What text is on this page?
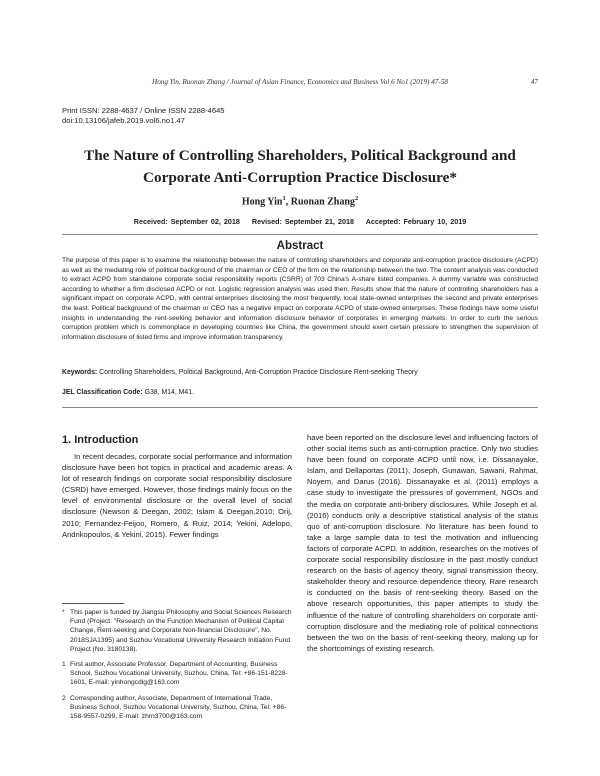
Hong Yin, Ruonan Zhang / Journal of Asian Finance, Economics and Business Vol 6 No1 (2019) 47-58	47
Print ISSN: 2288-4637 / Online ISSN 2288-4645
doi:10.13106/jafeb.2019.vol6.no1.47
The Nature of Controlling Shareholders, Political Background and
Corporate Anti-Corruption Practice Disclosure*
Hong Yin$^1$, Ruonan Zhang$^2$
Received: September 02, 2018 Revised: September 21, 2018 Accepted: February 10, 2019
Abstract
The purpose of this paper is to examine the relationship between the nature of controlling shareholders and corporate anti-corruption practice disclosure (ACPD) as well as the mediating role of political background of the chairman or CEO of the firm on the relationship between the two. The content analysis was conducted to extract ACPD from standalone corporate social responsibility reports (CSRR) of 703 China's A-share listed companies. A dummy variable was constructed according to whether a firm disclosed ACPD or not. Logistic regression analysis was used then. Results show that the nature of controlling shareholders has a significant impact on corporate ACPD, with central enterprises disclosing the most frequently, local state-owned enterprises the second and private enterprises the least. Political background of the chairman or CEO has a negative impact on corporate ACPD of state-owned enterprises. These findings have some useful insights in understanding the rent-seeking behavior and information disclosure behavior of corporates in emerging markets. In order to curb the serious corruption problem which is commonplace in developing countries like China, the government should exert certain pressure to strengthen the supervision of information disclosure of listed firms and improve information transparency.
Keywords: Controlling Shareholders, Political Background, Anti-Corruption Practice Disclosure Rent-seeking Theory
JEL Classification Code: G38, M14, M41.
1. Introduction
In recent decades, corporate social performance and information disclosure have been hot topics in practical and academic areas. A lot of research findings on corporate social responsibility disclosure (CSRD) have emerged. However, those findings mainly focus on the level of environmental disclosure or the overall level of social disclosure (Newson & Deegan, 2002; Islam & Deegan,2010; Orij, 2010; Fernandez-Feijoo, Romero, & Ruiz, 2014; Yekini, Adelopo, Andrikopoulos, & Yekini, 2015). Fewer findings
have been reported on the disclosure level and influencing factors of other social items such as anti-corruption practice. Only two studies have been found on corporate ACPD until now, i.e. Dissanayake, Islam, and Dellaportas (2011), Joseph, Gunawan, Sawani, Rahmat, Noyem, and Darus (2016). Dissanayake et al. (2011) employs a case study to investigate the pressures of government, NGOs and the media on corporate anti-bribery disclosures. While Joseph et al. (2016) conducts only a descriptive statistical analysis of the status quo of anti-corruption disclosure. No literature has been found to take a large sample data to test the motivation and influencing factors of corporate ACPD. In addition, researches on the motives of corporate social responsibility disclosure in the past mostly conduct research on the basis of agency theory, signal transmission theory, stakeholder theory and resource dependence theory. Rare research is conducted on the basis of rent-seeking theory. Based on the above research opportunities, this paper attempts to study the influence of the nature of controlling shareholders on corporate anti-corruption disclosure and the mediating role of political connections between the two on the basis of rent-seeking theory, making up for the shortcomings of existing research.
* This paper is funded by Jiangsu Philosophy and Social Sciences Research Fund (Project: "Research on the Function Mechanism of Political Capital Change, Rent-seeking and Corporate Non-financial Disclosure", No. 2018SJA1395) and Suzhou Vocational University Research Initiation Fund Project (No. 3180138).
1 First author, Associate Professor, Department of Accounting, Business School, Suzhou Vocational University, Suzhou, China, Tel: +86-151-8228-1601, E-mail: yinhongcdlg@163.com
2 Corresponding author, Associate, Department of International Trade, Business School, Suzhou Vocational University, Suzhou, China, Tel: +86-158-9557-0299, E-mail: zhrn3700@163.com
